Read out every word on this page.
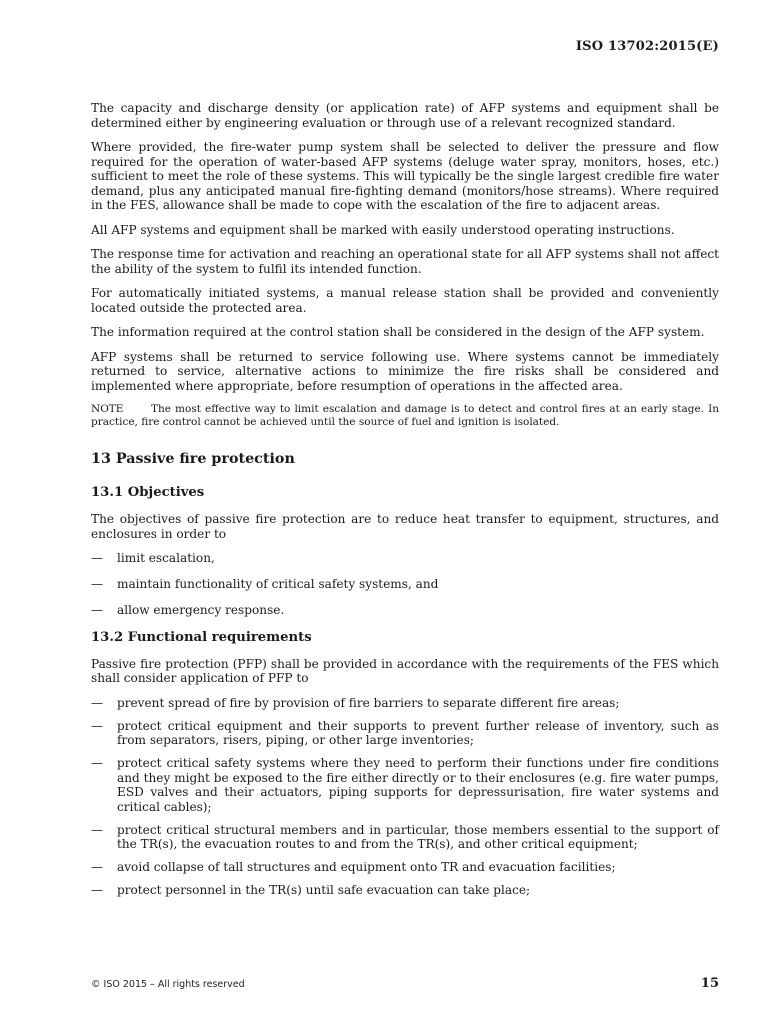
ISO 13702:2015(E)

The capacity and discharge density (or application rate) of AFP systems and equipment shall be determined either by engineering evaluation or through use of a relevant recognized standard.

Where provided, the fire-water pump system shall be selected to deliver the pressure and flow required for the operation of water-based AFP systems (deluge water spray, monitors, hoses, etc.) sufficient to meet the role of these systems. This will typically be the single largest credible fire water demand, plus any anticipated manual fire-fighting demand (monitors/hose streams). Where required in the FES, allowance shall be made to cope with the escalation of the fire to adjacent areas.

All AFP systems and equipment shall be marked with easily understood operating instructions.

The response time for activation and reaching an operational state for all AFP systems shall not affect the ability of the system to fulfil its intended function.

For automatically initiated systems, a manual release station shall be provided and conveniently located outside the protected area.

The information required at the control station shall be considered in the design of the AFP system.

AFP systems shall be returned to service following use. Where systems cannot be immediately returned to service, alternative actions to minimize the fire risks shall be considered and implemented where appropriate, before resumption of operations in the affected area.

NOTE	The most effective way to limit escalation and damage is to detect and control fires at an early stage. In practice, fire control cannot be achieved until the source of fuel and ignition is isolated.

13 Passive fire protection
13.1 Objectives

The objectives of passive fire protection are to reduce heat transfer to equipment, structures, and enclosures in order to

— limit escalation,
— maintain functionality of critical safety systems, and
— allow emergency response.
13.2 Functional requirements

Passive fire protection (PFP) shall be provided in accordance with the requirements of the FES which shall consider application of PFP to

— prevent spread of fire by provision of fire barriers to separate different fire areas;
— protect critical equipment and their supports to prevent further release of inventory, such as from separators, risers, piping, or other large inventories;
— protect critical safety systems where they need to perform their functions under fire conditions and they might be exposed to the fire either directly or to their enclosures (e.g. fire water pumps, ESD valves and their actuators, piping supports for depressurisation, fire water systems and critical cables);
— protect critical structural members and in particular, those members essential to the support of the TR(s), the evacuation routes to and from the TR(s), and other critical equipment;
— avoid collapse of tall structures and equipment onto TR and evacuation facilities;
— protect personnel in the TR(s) until safe evacuation can take place;
© ISO 2015 – All rights reserved	15
